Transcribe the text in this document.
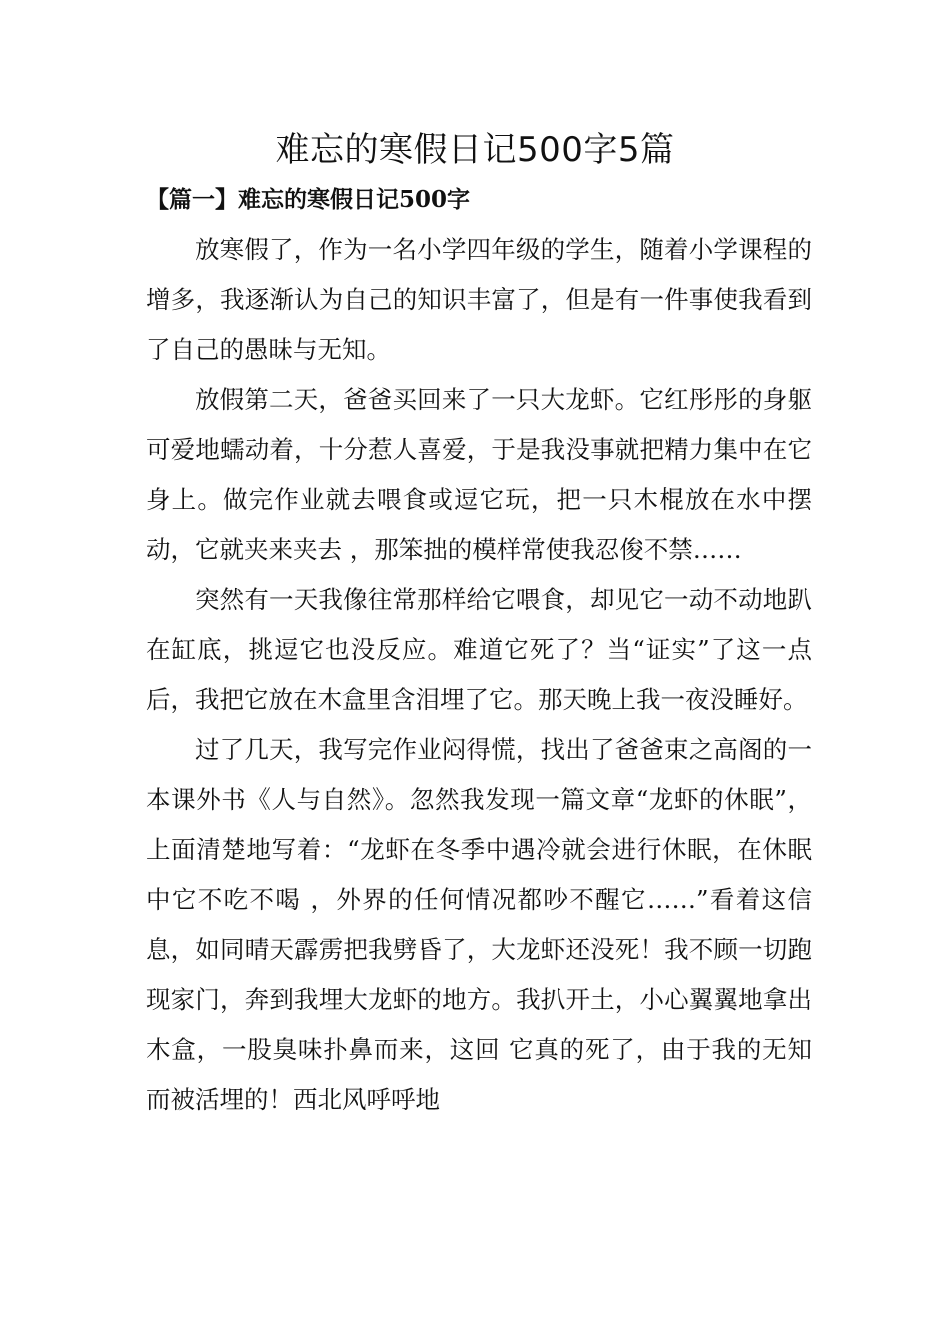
难忘的寒假日记500字5篇
【篇一】难忘的寒假日记500字

放寒假了，作为一名小学四年级的学生，随着小学课程的增多，我逐渐认为自己的知识丰富了，但是有一件事使我看到了自己的愚昧与无知。

放假第二天，爸爸买回来了一只大龙虾。它红彤彤的身躯可爱地蠕动着，十分惹人喜爱，于是我没事就把精力集中在它身上。做完作业就去喂食或逗它玩，把一只木棍放在水中摆动，它就夹来夹去 ，那笨拙的模样常使我忍俊不禁……

突然有一天我像往常那样给它喂食，却见它一动不动地趴在缸底，挑逗它也没反应。难道它死了？当“证实”了这一点后，我把它放在木盒里含泪埋了它。那天晚上我一夜没睡好。

过了几天，我写完作业闷得慌，找出了爸爸束之高阁的一本课外书《人与自然》。忽然我发现一篇文章“龙虾的休眠”，上面清楚地写着：“龙虾在冬季中遇冷就会进行休眠，在休眠中它不吃不喝 ，外界的任何情况都吵不醒它……”看着这信息，如同晴天霹雳把我劈昏了，大龙虾还没死！我不顾一切跑现家门，奔到我埋大龙虾的地方。我扒开土，小心翼翼地拿出木盒，一股臭味扑鼻而来，这回 它真的死了，由于我的无知而被活埋的！西北风呼呼地
